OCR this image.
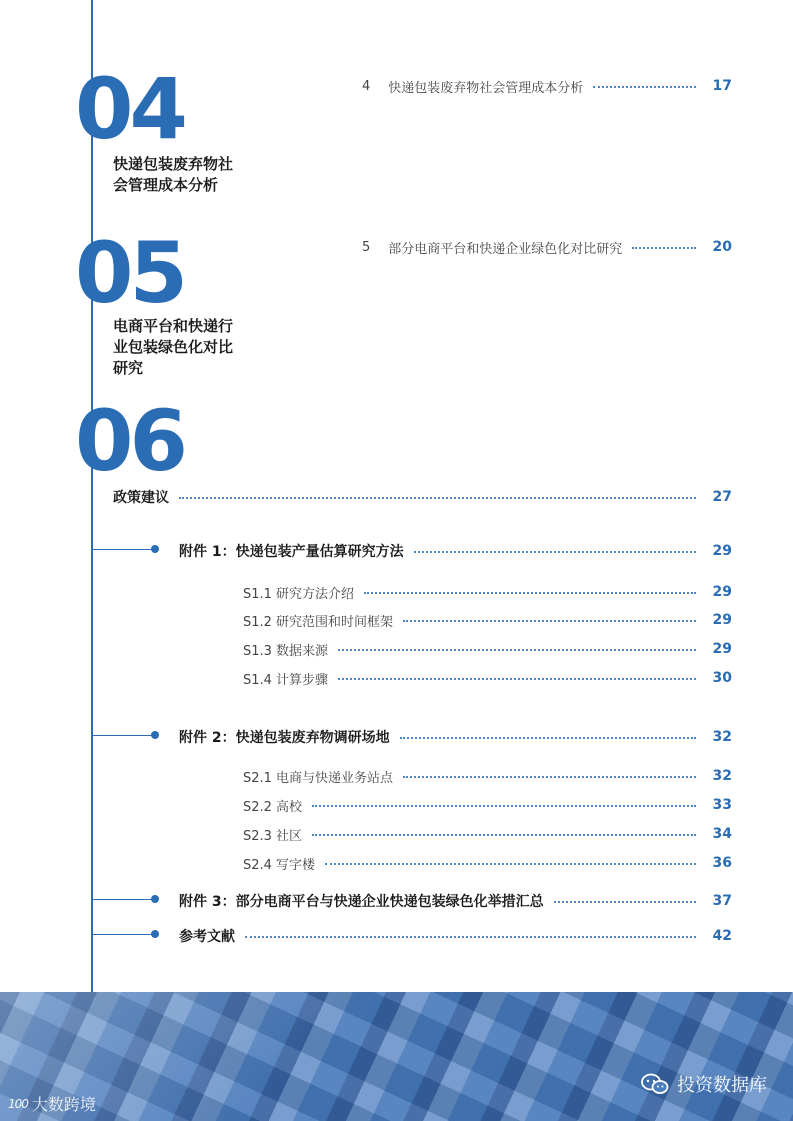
04
快递包装废弃物社
会管理成本分析
05
电商平台和快递行
业包装绿色化对比
研究
06
4 快递包装废弃物社会管理成本分析	17
5 部分电商平台和快递企业绿色化对比研究	20
政策建议	27
附件 1：快递包装产量估算研究方法	29
S1.1 研究方法介绍	29
S1.2 研究范围和时间框架	29
S1.3 数据来源	29
S1.4 计算步骤	30
附件 2：快递包装废弃物调研场地	32
S2.1 电商与快递业务站点	32
S2.2 高校	33
S2.3 社区	34
S2.4 写字楼	36
附件 3：部分电商平台与快递企业快递包装绿色化举措汇总	37
参考文献	42
100 大数跨境
投资数据库
